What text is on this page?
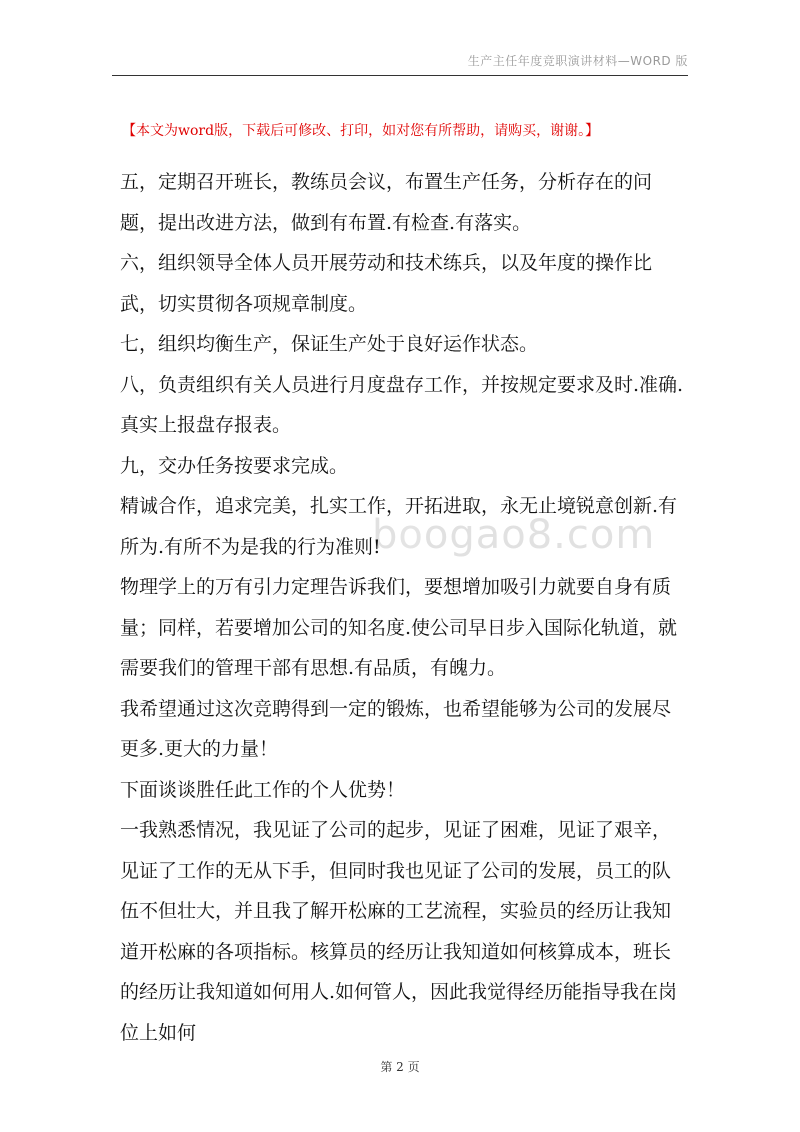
生产主任年度竞职演讲材料—WORD 版
【本文为word版，下载后可修改、打印，如对您有所帮助，请购买，谢谢。】
boogao8.com

五，定期召开班长，教练员会议，布置生产任务，分析存在的问题，提出改进方法，做到有布置.有检查.有落实。

六，组织领导全体人员开展劳动和技术练兵，以及年度的操作比武，切实贯彻各项规章制度。

七，组织均衡生产，保证生产处于良好运作状态。

八，负责组织有关人员进行月度盘存工作，并按规定要求及时.准确.真实上报盘存报表。

九，交办任务按要求完成。

精诚合作，追求完美，扎实工作，开拓进取，永无止境锐意创新.有所为.有所不为是我的行为准则!

物理学上的万有引力定理告诉我们，要想增加吸引力就要自身有质量；同样，若要增加公司的知名度.使公司早日步入国际化轨道，就需要我们的管理干部有思想.有品质，有魄力。

我希望通过这次竞聘得到一定的锻炼，也希望能够为公司的发展尽更多.更大的力量！

下面谈谈胜任此工作的个人优势！

一我熟悉情况，我见证了公司的起步，见证了困难，见证了艰辛，见证了工作的无从下手，但同时我也见证了公司的发展，员工的队伍不但壮大，并且我了解开松麻的工艺流程，实验员的经历让我知道开松麻的各项指标。核算员的经历让我知道如何核算成本，班长的经历让我知道如何用人.如何管人，因此我觉得经历能指导我在岗位上如何

第 2 页
